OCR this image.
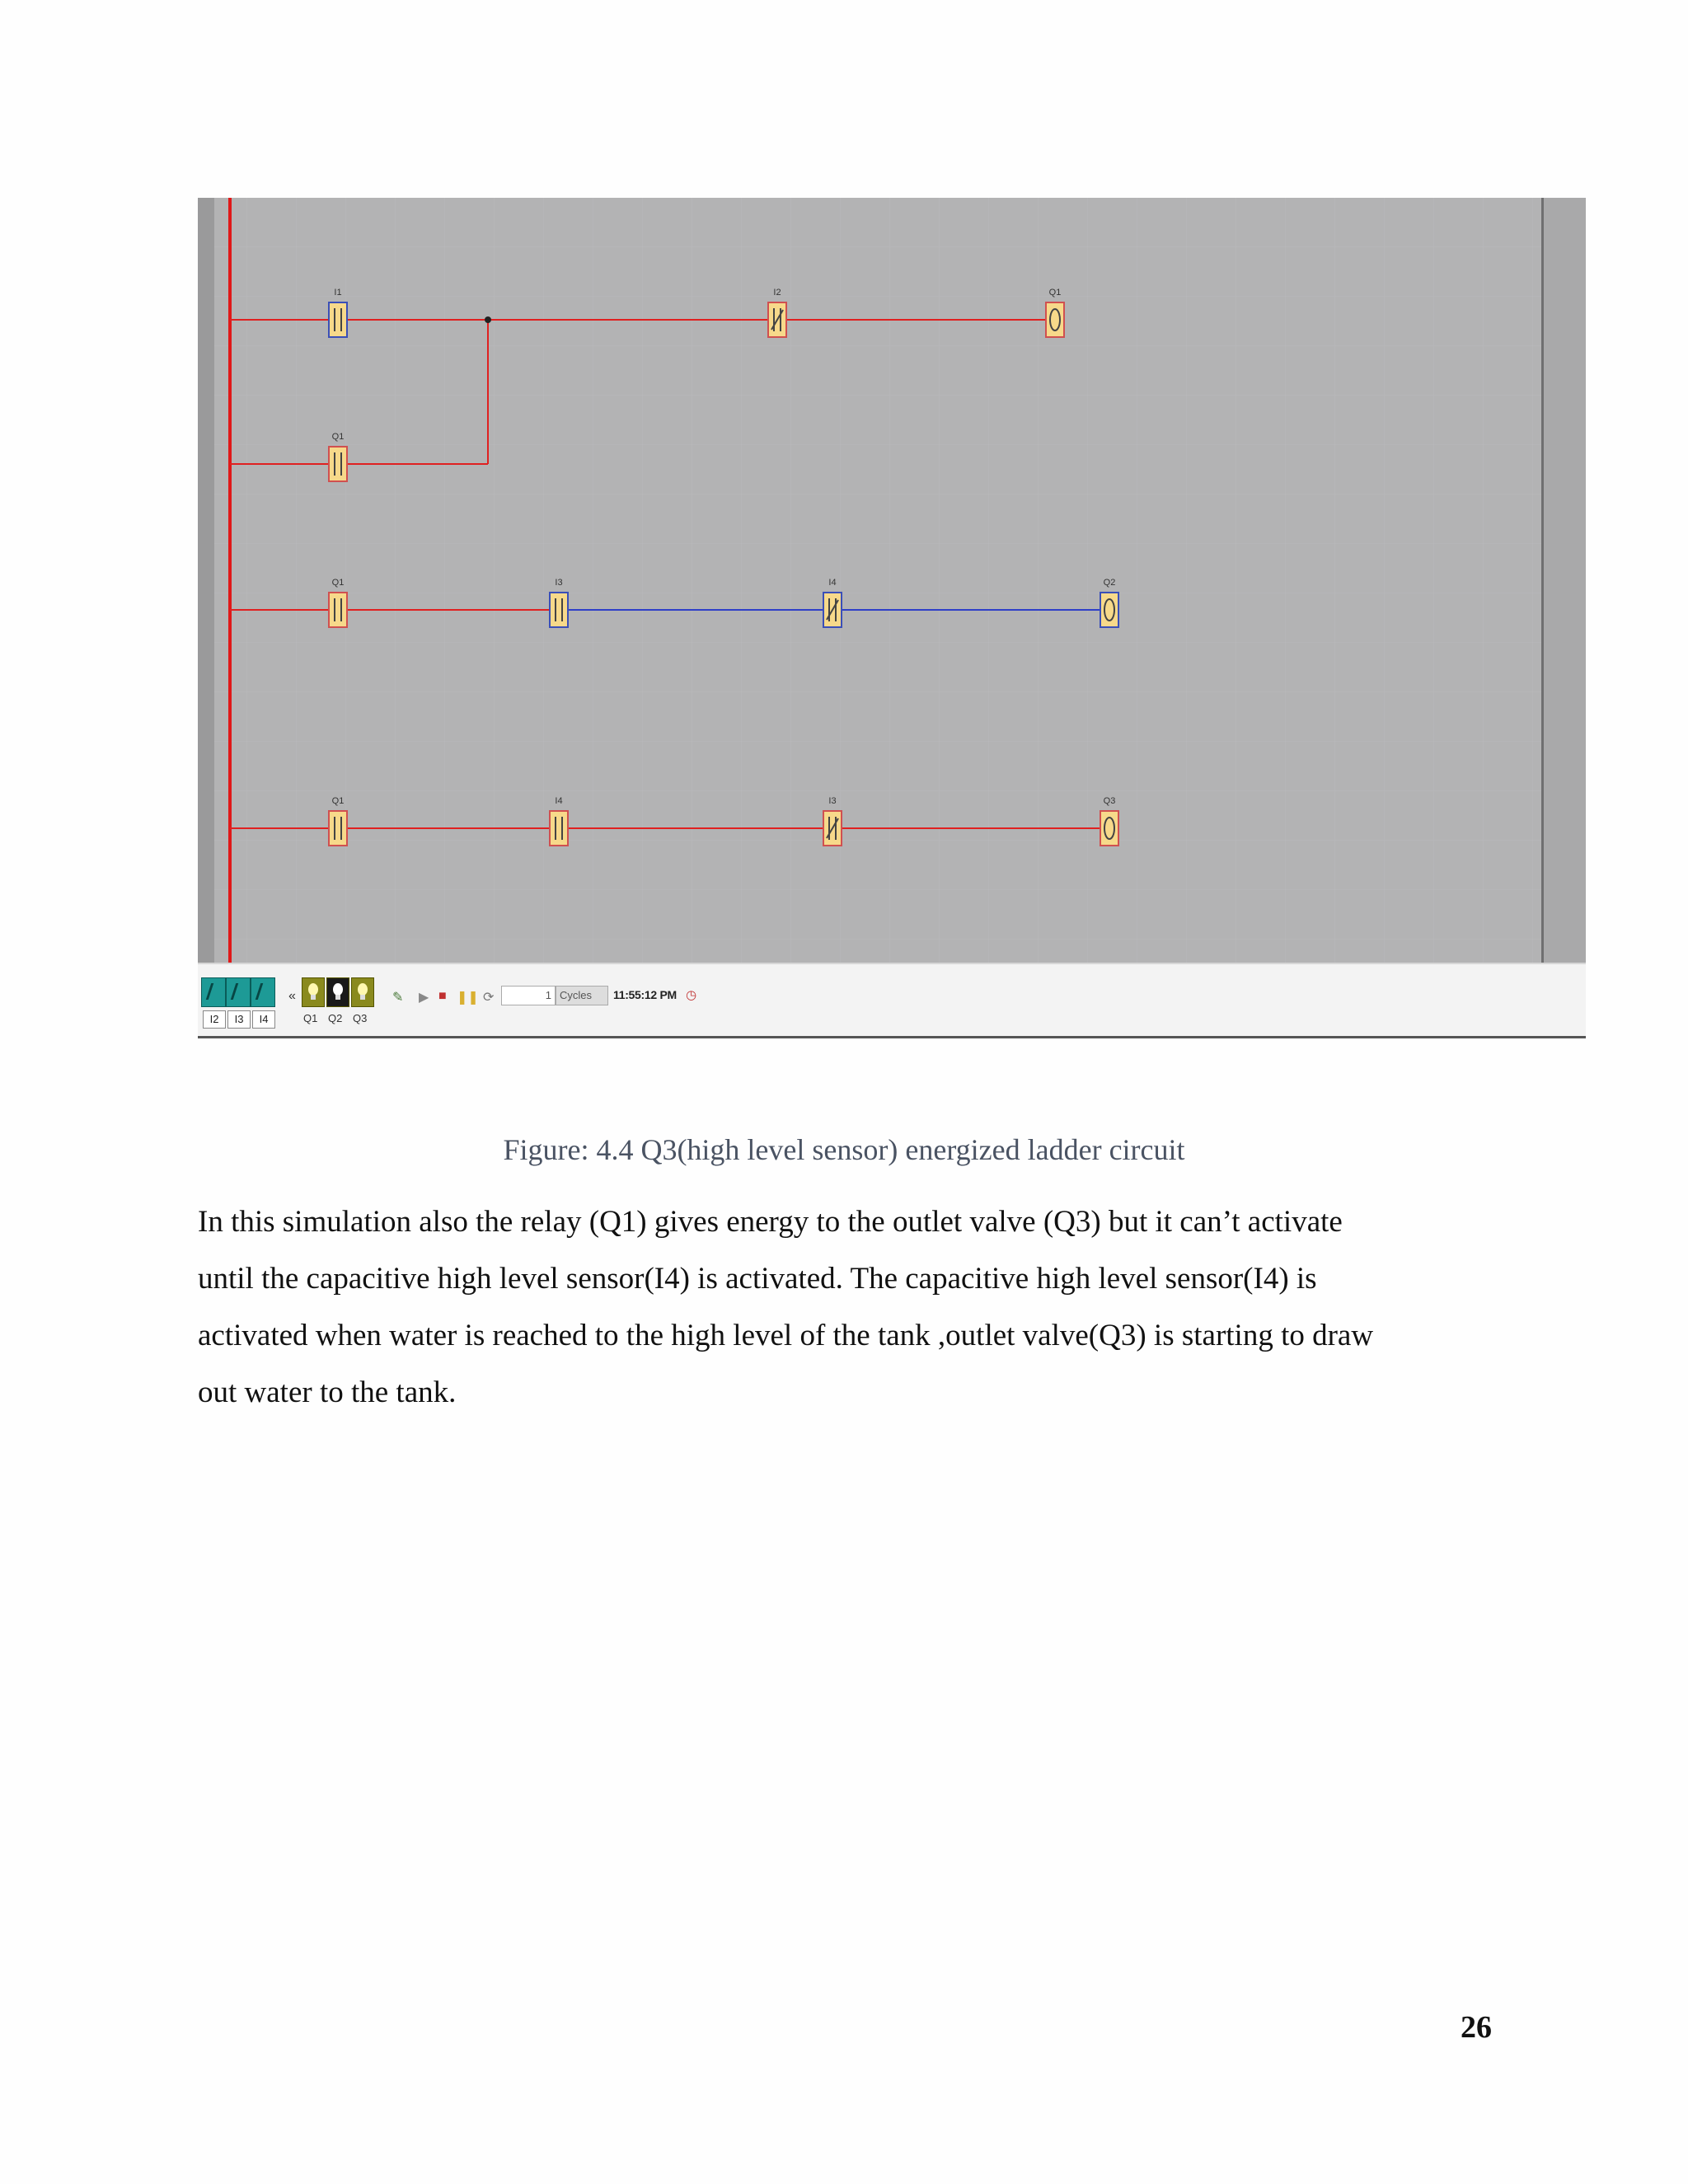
I1	I2	Q1
Q1
Q1	I3	I4	Q2
Q1	I4	I3	Q3
I2	I3	I4
«
Q1 Q2 Q3
✎ ▶ ■ ❚❚ ⟳	1 Cycles	11:55:12 PM ◷
Figure: 4.4 Q3(high level sensor) energized ladder circuit

In this simulation also the relay (Q1) gives energy to the outlet valve (Q3) but it can’t activate

until the capacitive high level sensor(I4) is activated. The capacitive high level sensor(I4) is

activated when water is reached to the high level of the tank ,outlet valve(Q3) is starting to draw

out water to the tank.

26
